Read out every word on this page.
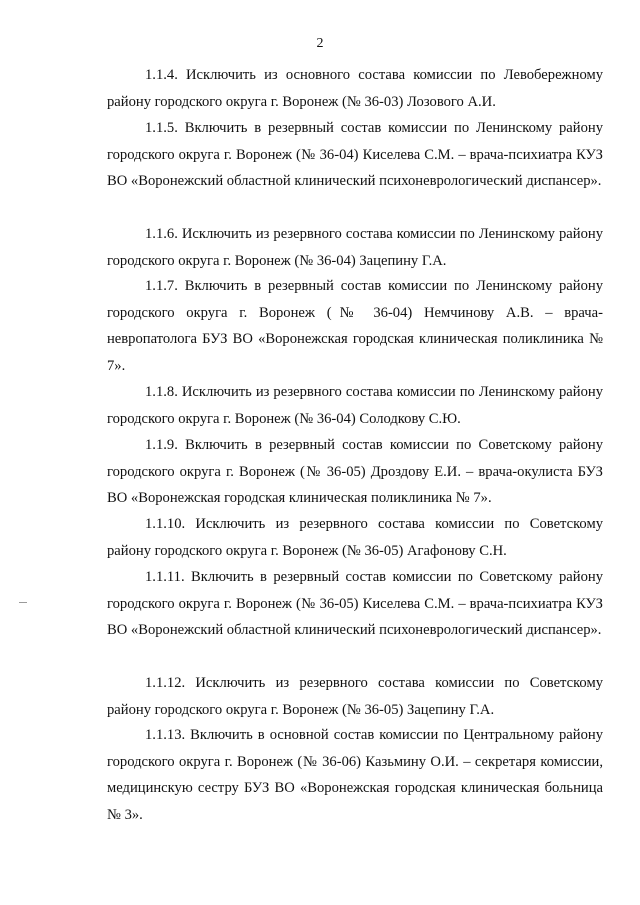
2

1.1.4. Исключить из основного состава комиссии по Левобережному району городского округа г. Воронеж (№ 36-03) Лозового А.И.

1.1.5. Включить в резервный состав комиссии по Ленинскому району городского округа г. Воронеж (№ 36-04) Киселева С.М. – врача-психиатра КУЗ ВО «Воронежский областной клинический психоневрологический диспансер».

1.1.6. Исключить из резервного состава комиссии по Ленинскому району городского округа г. Воронеж (№ 36-04) Зацепину Г.А.

1.1.7. Включить в резервный состав комиссии по Ленинскому району городского округа г. Воронеж (№ 36-04) Немчинову А.В. – врача-невропатолога БУЗ ВО «Воронежская городская клиническая поликлиника № 7».

1.1.8. Исключить из резервного состава комиссии по Ленинскому району городского округа г. Воронеж (№ 36-04) Солодкову С.Ю.

1.1.9. Включить в резервный состав комиссии по Советскому району городского округа г. Воронеж (№ 36-05) Дроздову Е.И. – врача-окулиста БУЗ ВО «Воронежская городская клиническая поликлиника № 7».

1.1.10. Исключить из резервного состава комиссии по Советскому району городского округа г. Воронеж (№ 36-05) Агафонову С.Н.

1.1.11. Включить в резервный состав комиссии по Советскому району городского округа г. Воронеж (№ 36-05) Киселева С.М. – врача-психиатра КУЗ ВО «Воронежский областной клинический психоневрологический диспансер».

1.1.12. Исключить из резервного состава комиссии по Советскому району городского округа г. Воронеж (№ 36-05) Зацепину Г.А.

1.1.13. Включить в основной состав комиссии по Центральному району городского округа г. Воронеж (№ 36-06) Казьмину О.И. – секретаря комиссии, медицинскую сестру БУЗ ВО «Воронежская городская клиническая больница № 3».
